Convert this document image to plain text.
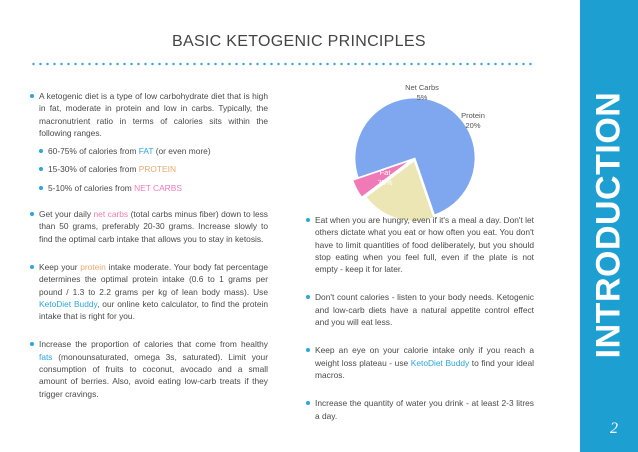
BASIC KETOGENIC PRINCIPLES
A ketogenic diet is a type of low carbohydrate diet that is high in fat, moderate in protein and low in carbs. Typically, the macronutrient ratio in terms of calories sits within the following ranges.
60-75% of calories from FAT (or even more)
15-30% of calories from PROTEIN
5-10% of calories from NET CARBS
Get your daily net carbs (total carbs minus fiber) down to less than 50 grams, preferably 20-30 grams. Increase slowly to find the optimal carb intake that allows you to stay in ketosis.
Keep your protein intake moderate. Your body fat percentage determines the optimal protein intake (0.6 to 1 grams per pound / 1.3 to 2.2 grams per kg of lean body mass). Use KetoDiet Buddy, our online keto calculator, to find the protein intake that is right for you.
Increase the proportion of calories that come from healthy fats (monounsaturated, omega 3s, saturated). Limit your consumption of fruits to coconut, avocado and a small amount of berries. Also, avoid eating low-carb treats if they trigger cravings.
Fat
75%
Protein
20%
Net Carbs
5%
Eat when you are hungry, even if it's a meal a day. Don't let others dictate what you eat or how often you eat. You don't have to limit quantities of food deliberately, but you should stop eating when you feel full, even if the plate is not empty - keep it for later.
Don't count calories - listen to your body needs. Ketogenic and low-carb diets have a natural appetite control effect and you will eat less.
Keep an eye on your calorie intake only if you reach a weight loss plateau - use KetoDiet Buddy to find your ideal macros.
Increase the quantity of water you drink - at least 2-3 litres a day.
INTRODUCTION
2
